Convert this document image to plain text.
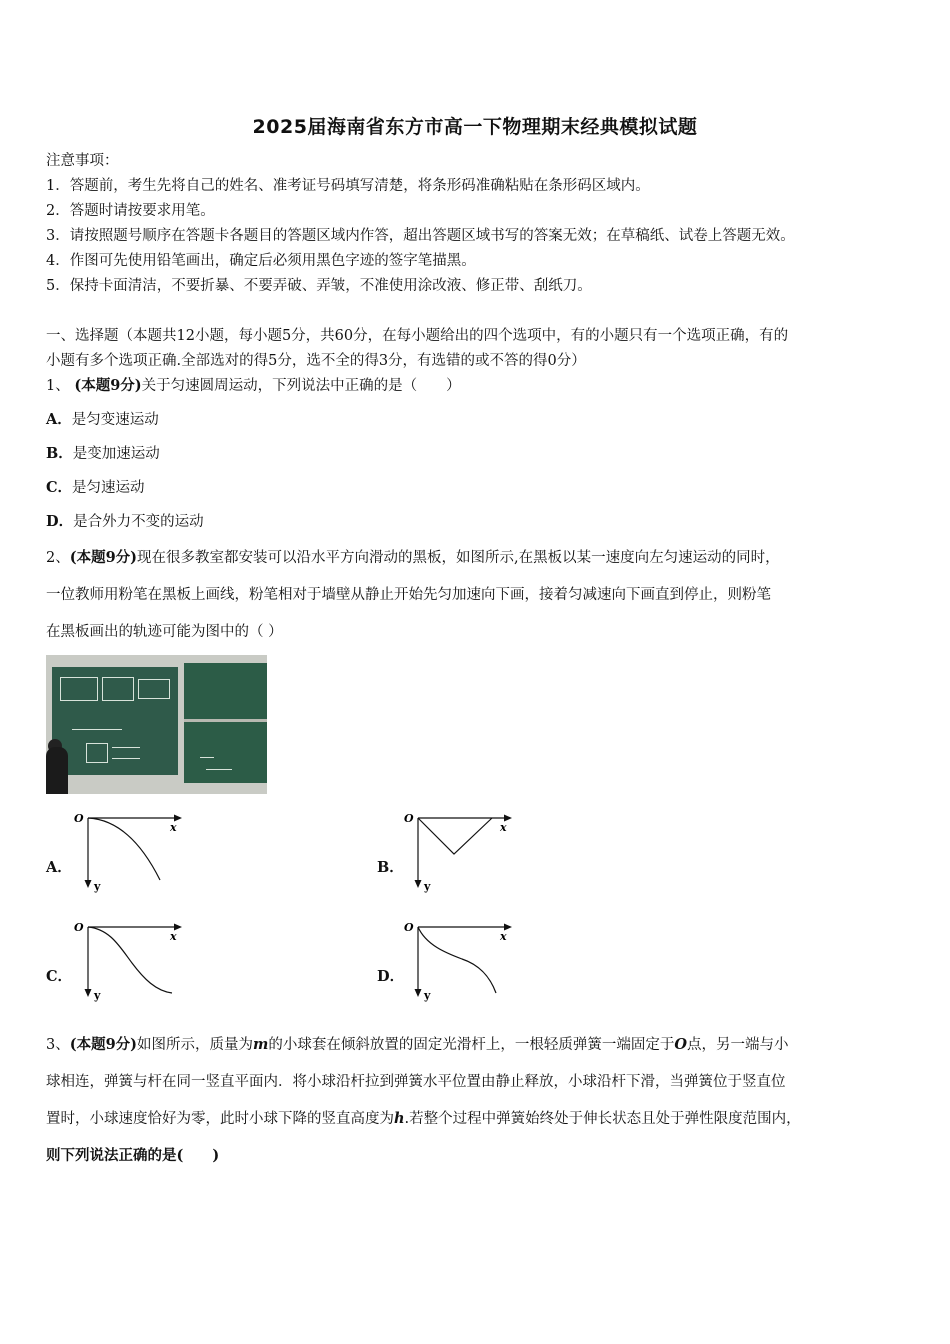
2025届海南省东方市高一下物理期末经典模拟试题
注意事项：
1．答题前，考生先将自己的姓名、准考证号码填写清楚，将条形码准确粘贴在条形码区域内。
2．答题时请按要求用笔。
3．请按照题号顺序在答题卡各题目的答题区域内作答，超出答题区域书写的答案无效；在草稿纸、试卷上答题无效。
4．作图可先使用铅笔画出，确定后必须用黑色字迹的签字笔描黑。
5．保持卡面清洁，不要折暴、不要弄破、弄皱，不准使用涂改液、修正带、刮纸刀。
一、选择题（本题共12小题，每小题5分，共60分，在每小题给出的四个选项中，有的小题只有一个选项正确，有的
小题有多个选项正确.全部选对的得5分，选不全的得3分，有选错的或不答的得0分）
1、 (本题9分)关于匀速圆周运动，下列说法中正确的是（　　）
A．是匀变速运动
B．是变加速运动
C．是匀速运动
D．是合外力不变的运动
2、(本题9分)现在很多教室都安装可以沿水平方向滑动的黑板，如图所示,在黑板以某一速度向左匀速运动的同时，
一位教师用粉笔在黑板上画线，粉笔相对于墙壁从静止开始先匀加速向下画，接着匀减速向下画直到停止，则粉笔
在黑板画出的轨迹可能为图中的（ ）
A．	B．
C．	D．
O
x
y
O
x
y
O
x
y
O
x
y
3、(本题9分)如图所示，质量为m的小球套在倾斜放置的固定光滑杆上，一根轻质弹簧一端固定于O点，另一端与小
球相连，弹簧与杆在同一竖直平面内．将小球沿杆拉到弹簧水平位置由静止释放，小球沿杆下滑，当弹簧位于竖直位
置时，小球速度恰好为零，此时小球下降的竖直高度为h.若整个过程中弹簧始终处于伸长状态且处于弹性限度范围内，
则下列说法正确的是(　　)
